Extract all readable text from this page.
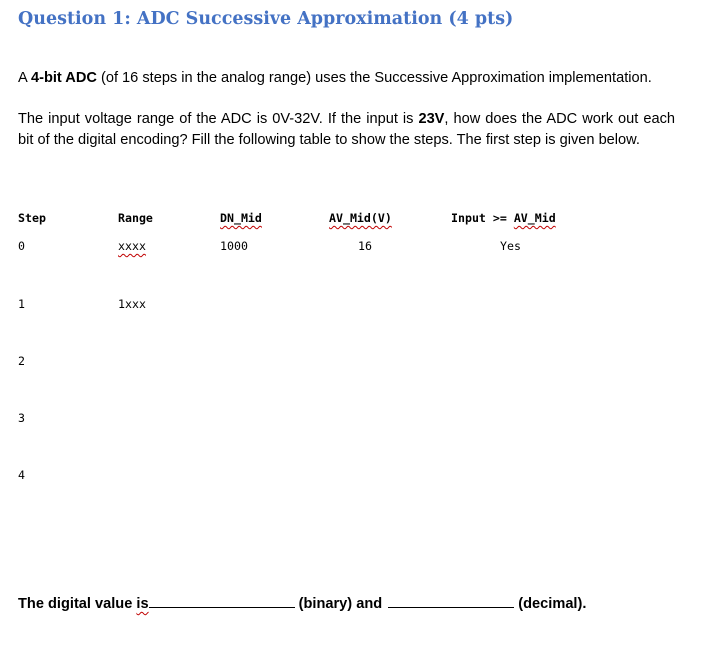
Question 1: ADC Successive Approximation (4 pts)
A 4-bit ADC (of 16 steps in the analog range) uses the Successive Approximation implementation.
The input voltage range of the ADC is 0V-32V. If the input is 23V, how does the ADC work out each bit of the digital encoding? Fill the following table to show the steps. The first step is given below.
Step	Range	DN_Mid	AV_Mid(V)	Input >= AV_Mid
0	xxxx	1000	16	Yes
1	1xxx
2
3
4
The digital value is	(binary) and	(decimal).
